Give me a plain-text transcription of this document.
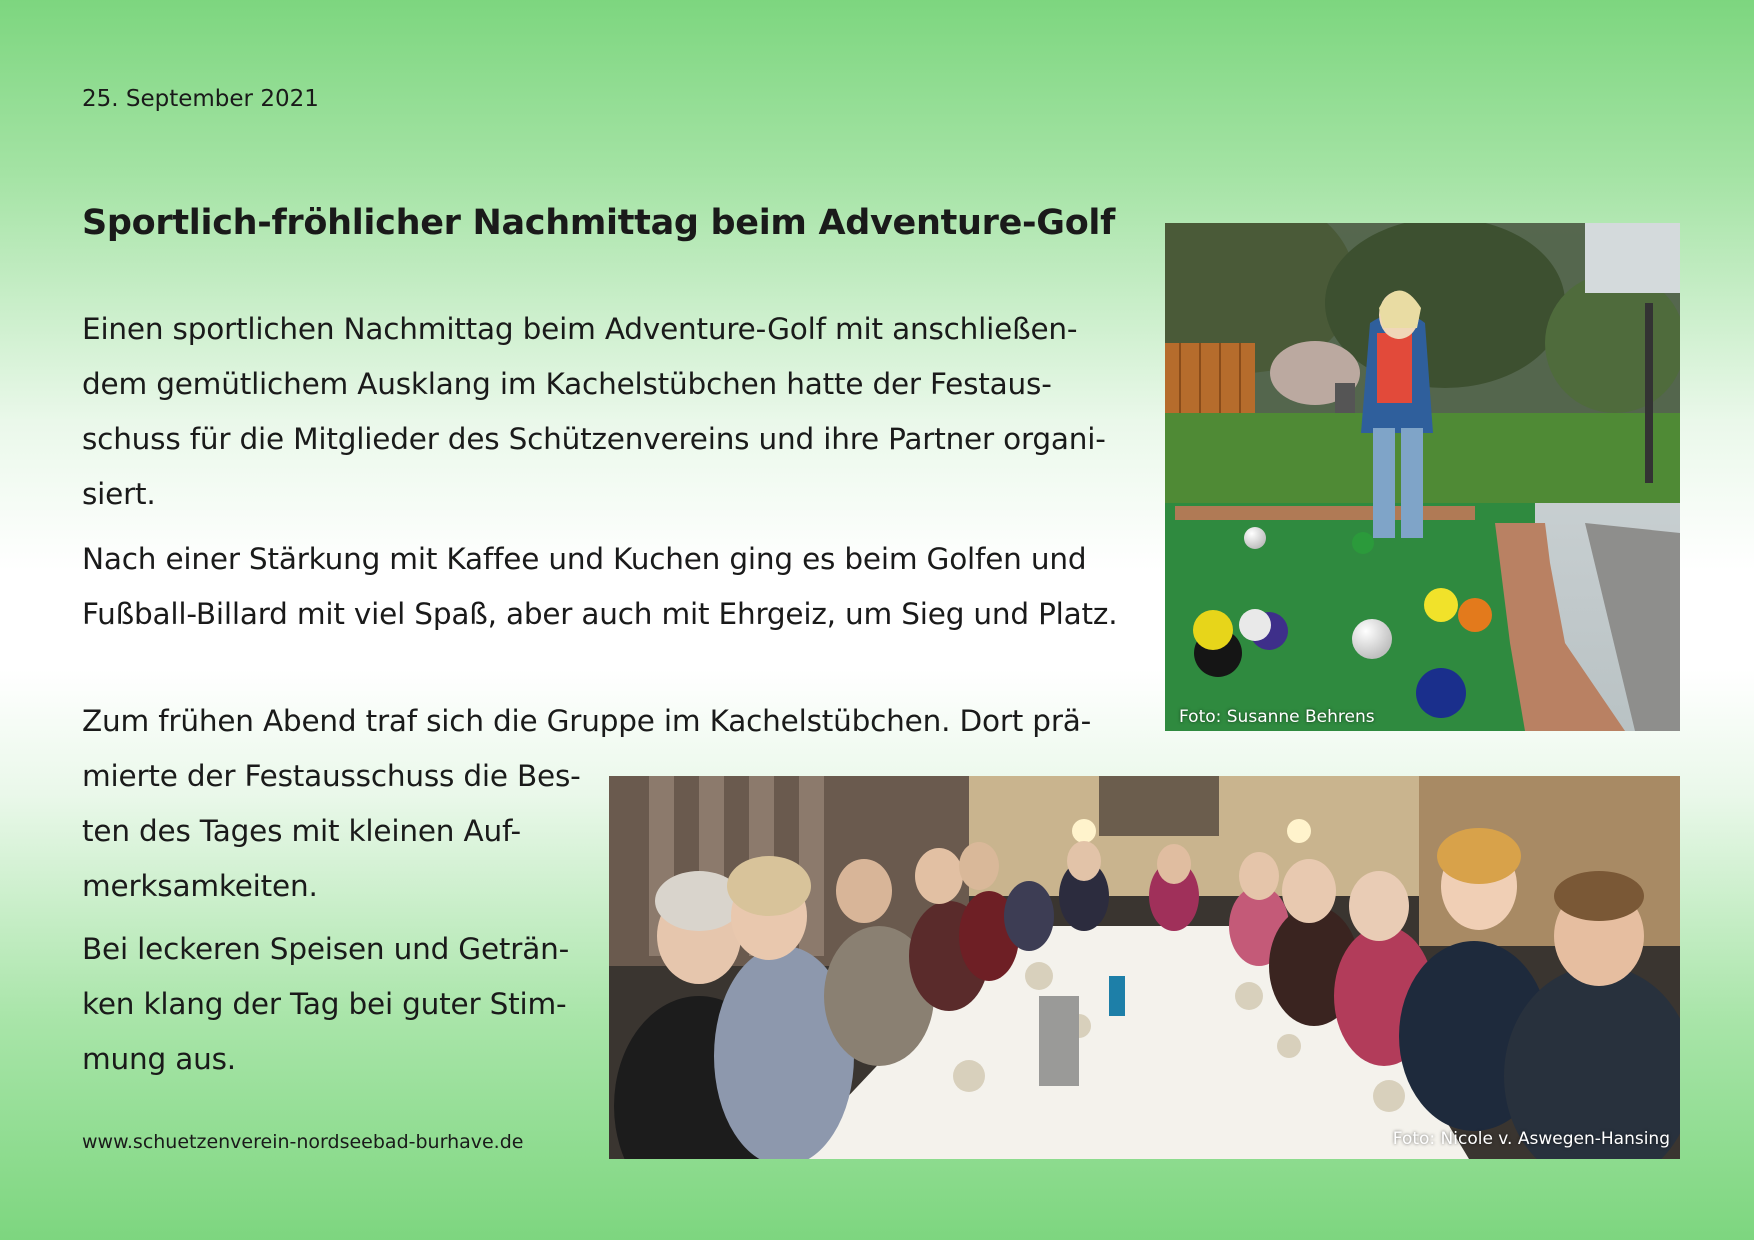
25. September 2021
Sportlich-fröhlicher Nachmittag beim Adventure-Golf

Einen sportlichen Nachmittag beim Adventure-Golf mit anschließen-
dem gemütlichem Ausklang im Kachelstübchen hatte der Festaus-
schuss für die Mitglieder des Schützenvereins und ihre Partner organi-
siert.

Nach einer Stärkung mit Kaffee und Kuchen ging es beim Golfen und
Fußball-Billard mit viel Spaß, aber auch mit Ehrgeiz, um Sieg und Platz.

Zum frühen Abend traf sich die Gruppe im Kachelstübchen. Dort prä-
mierte der Festausschuss die Bes-
ten des Tages mit kleinen Auf-
merksamkeiten.

Bei leckeren Speisen und Geträn-
ken klang der Tag bei guter Stim-
mung aus.

www.schuetzenverein-nordseebad-burhave.de
Foto: Susanne Behrens
Foto: Nicole v. Aswegen-Hansing
